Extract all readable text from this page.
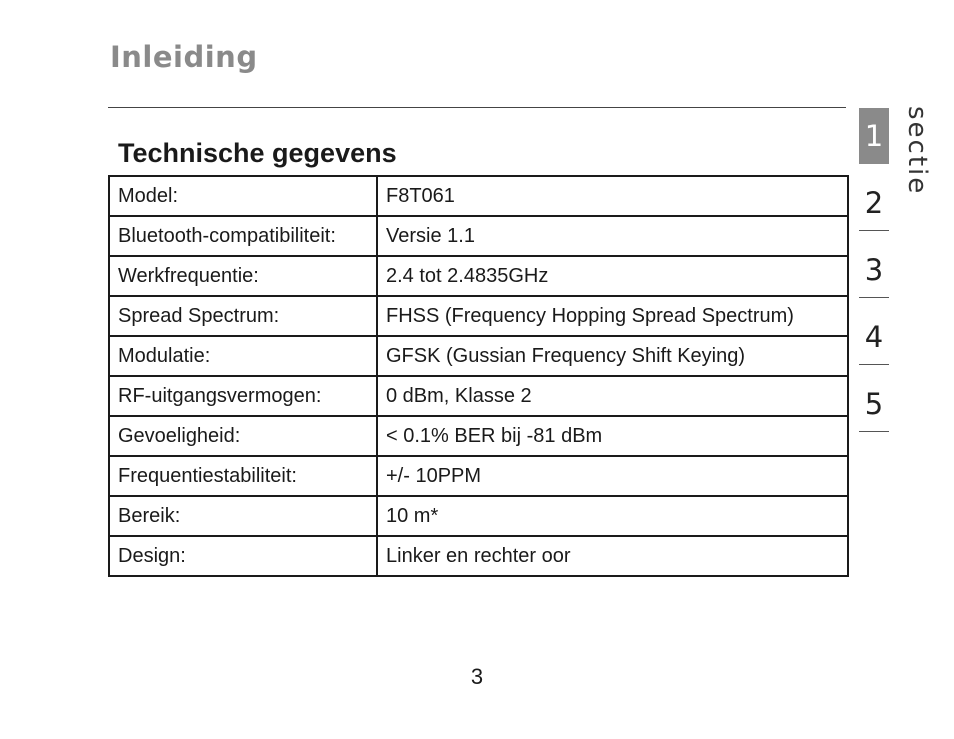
Inleiding
Technische gegevens
Model:	F8T061
Bluetooth-compatibiliteit:	Versie 1.1
Werkfrequentie:	2.4 tot 2.4835GHz
Spread Spectrum:	FHSS (Frequency Hopping Spread Spectrum)
Modulatie:	GFSK (Gussian Frequency Shift Keying)
RF-uitgangsvermogen:	0 dBm, Klasse 2
Gevoeligheid:	< 0.1% BER bij -81 dBm
Frequentiestabiliteit:	+/- 10PPM
Bereik:	10 m*
Design:	Linker en rechter oor
sectie
1
2
3
4
5
3
